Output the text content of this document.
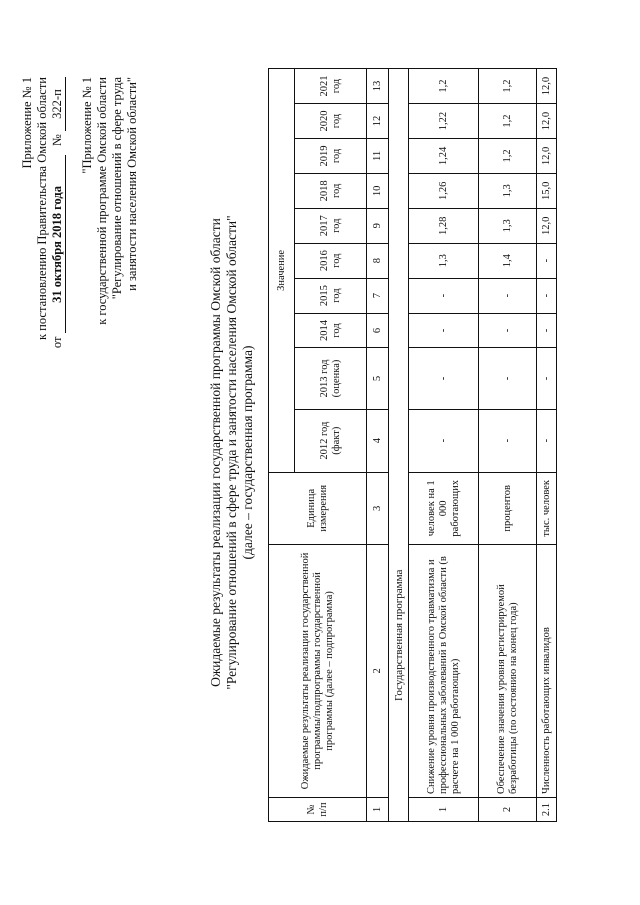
Приложение № 1 к постановлению Правительства Омской области
от 31 октября 2018 года   № 322-п "Приложение № 1 к государственной программе Омской области "Регулирование отношений в сфере труда и занятости населения Омской области"
Ожидаемые результаты реализации государственной программы Омской области "Регулирование отношений в сфере труда и занятости населения Омской области" (далее – государственная программа)
№ п/п	Ожидаемые результаты реализации государственной программы/подпрограммы государственной программы (далее – подпрограмма)	Единица измерения	Значение									
			2012 год (факт)	2013 год (оценка)	2014 год	2015 год	2016 год	2017 год	2018 год	2019 год	2020 год	2021 год
1	2	3	4	5	6	7	8	9	10	11	12	13
Государственная программа												
1	Снижение уровня производственного травматизма и профессиональных заболеваний в Омской области (в расчете на 1 000 работающих)	человек на 1 000 работающих	-	-	-	-	1,3	1,28	1,26	1,24	1,22	1,2
2	Обеспечение значения уровня регистрируемой безработицы (по состоянию на конец года)	процентов	-	-	-	-	1,4	1,3	1,3	1,2	1,2	1,2
2.1	Численность работающих инвалидов	тыс. человек	-	-	-	-	-	12,0	15,0	12,0	12,0	12,0
